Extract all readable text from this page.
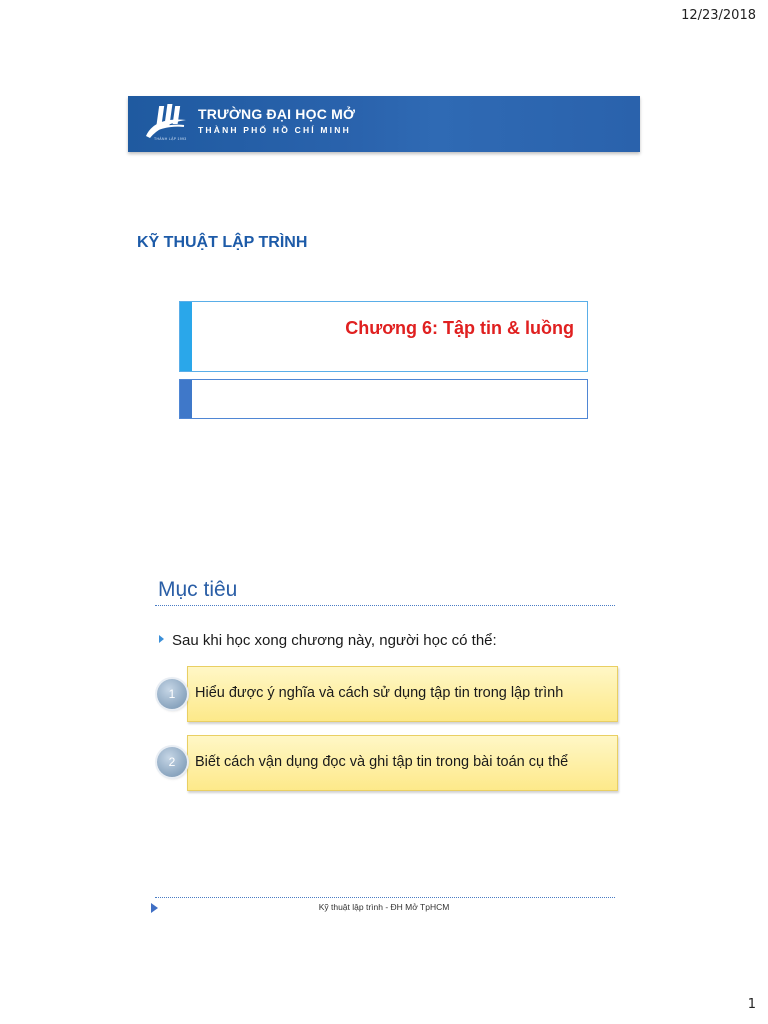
12/23/2018
THÀNH LẬP 1993
TRƯỜNG ĐẠI HỌC MỞ
THÀNH PHỐ HỒ CHÍ MINH
KỸ THUẬT LẬP TRÌNH
Chương 6: Tập tin & luồng
Mục tiêu
Sau khi học xong chương này, người học có thể:
Hiểu được ý nghĩa và cách sử dụng tập tin trong lập trình
1
Biết cách vận dụng đọc và ghi tập tin trong bài toán cụ thể
2
Kỹ thuật lập trình - ĐH Mở TpHCM
1
